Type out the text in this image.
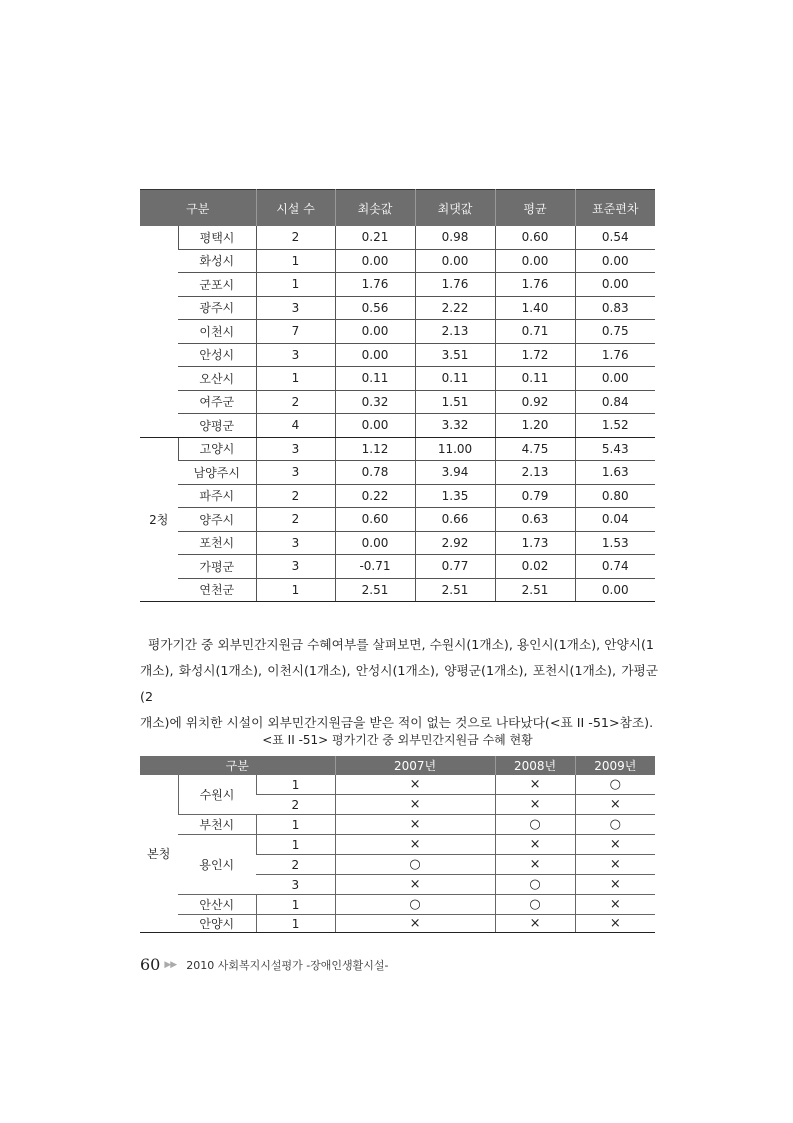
구분		시설 수	최솟값	최댓값	평균	표준편차
	평택시	2	0.21	0.98	0.60	0.54
	화성시	1	0.00	0.00	0.00	0.00
	군포시	1	1.76	1.76	1.76	0.00
	광주시	3	0.56	2.22	1.40	0.83
	이천시	7	0.00	2.13	0.71	0.75
	안성시	3	0.00	3.51	1.72	1.76
	오산시	1	0.11	0.11	0.11	0.00
	여주군	2	0.32	1.51	0.92	0.84
	양평군	4	0.00	3.32	1.20	1.52
2청	고양시	3	1.12	11.00	4.75	5.43
	남양주시	3	0.78	3.94	2.13	1.63
	파주시	2	0.22	1.35	0.79	0.80
	양주시	2	0.60	0.66	0.63	0.04
	포천시	3	0.00	2.92	1.73	1.53
	가평군	3	-0.71	0.77	0.02	0.74
	연천군	1	2.51	2.51	2.51	0.00

평가기간 중 외부민간지원금 수혜여부를 살펴보면, 수원시(1개소), 용인시(1개소), 안양시(1
개소), 화성시(1개소), 이천시(1개소), 안성시(1개소), 양평군(1개소), 포천시(1개소), 가평군(2
개소)에 위치한 시설이 외부민간지원금을 받은 적이 없는 것으로 나타났다(<표 II -51>참조).

<표 II -51> 평가기간 중 외부민간지원금 수혜 현황
구분			2007년	2008년	2009년
본청	수원시	1	×	×	○
		2	×	×	×
	부천시	1	×	○	○
	용인시	1	×	×	×
		2	○	×	×
		3	×	○	×
	안산시	1	○	○	×
	안양시	1	×	×	×
60 ▶▶ 2010 사회복지시설평가 -장애인생활시설-
